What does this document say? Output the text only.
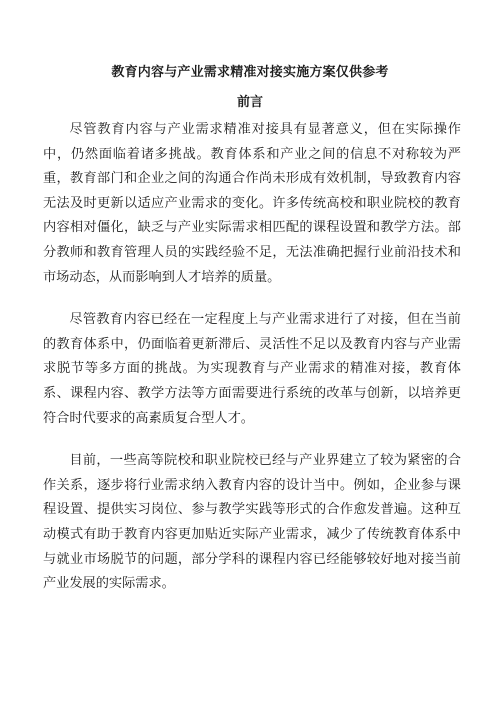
教育内容与产业需求精准对接实施方案仅供参考
前言

尽管教育内容与产业需求精准对接具有显著意义，但在实际操作中，仍然面临着诸多挑战。教育体系和产业之间的信息不对称较为严重，教育部门和企业之间的沟通合作尚未形成有效机制，导致教育内容无法及时更新以适应产业需求的变化。许多传统高校和职业院校的教育内容相对僵化，缺乏与产业实际需求相匹配的课程设置和教学方法。部分教师和教育管理人员的实践经验不足，无法准确把握行业前沿技术和市场动态，从而影响到人才培养的质量。

尽管教育内容已经在一定程度上与产业需求进行了对接，但在当前的教育体系中，仍面临着更新滞后、灵活性不足以及教育内容与产业需求脱节等多方面的挑战。为实现教育与产业需求的精准对接，教育体系、课程内容、教学方法等方面需要进行系统的改革与创新，以培养更符合时代要求的高素质复合型人才。

目前，一些高等院校和职业院校已经与产业界建立了较为紧密的合作关系，逐步将行业需求纳入教育内容的设计当中。例如，企业参与课程设置、提供实习岗位、参与教学实践等形式的合作愈发普遍。这种互动模式有助于教育内容更加贴近实际产业需求，减少了传统教育体系中与就业市场脱节的问题，部分学科的课程内容已经能够较好地对接当前产业发展的实际需求。
